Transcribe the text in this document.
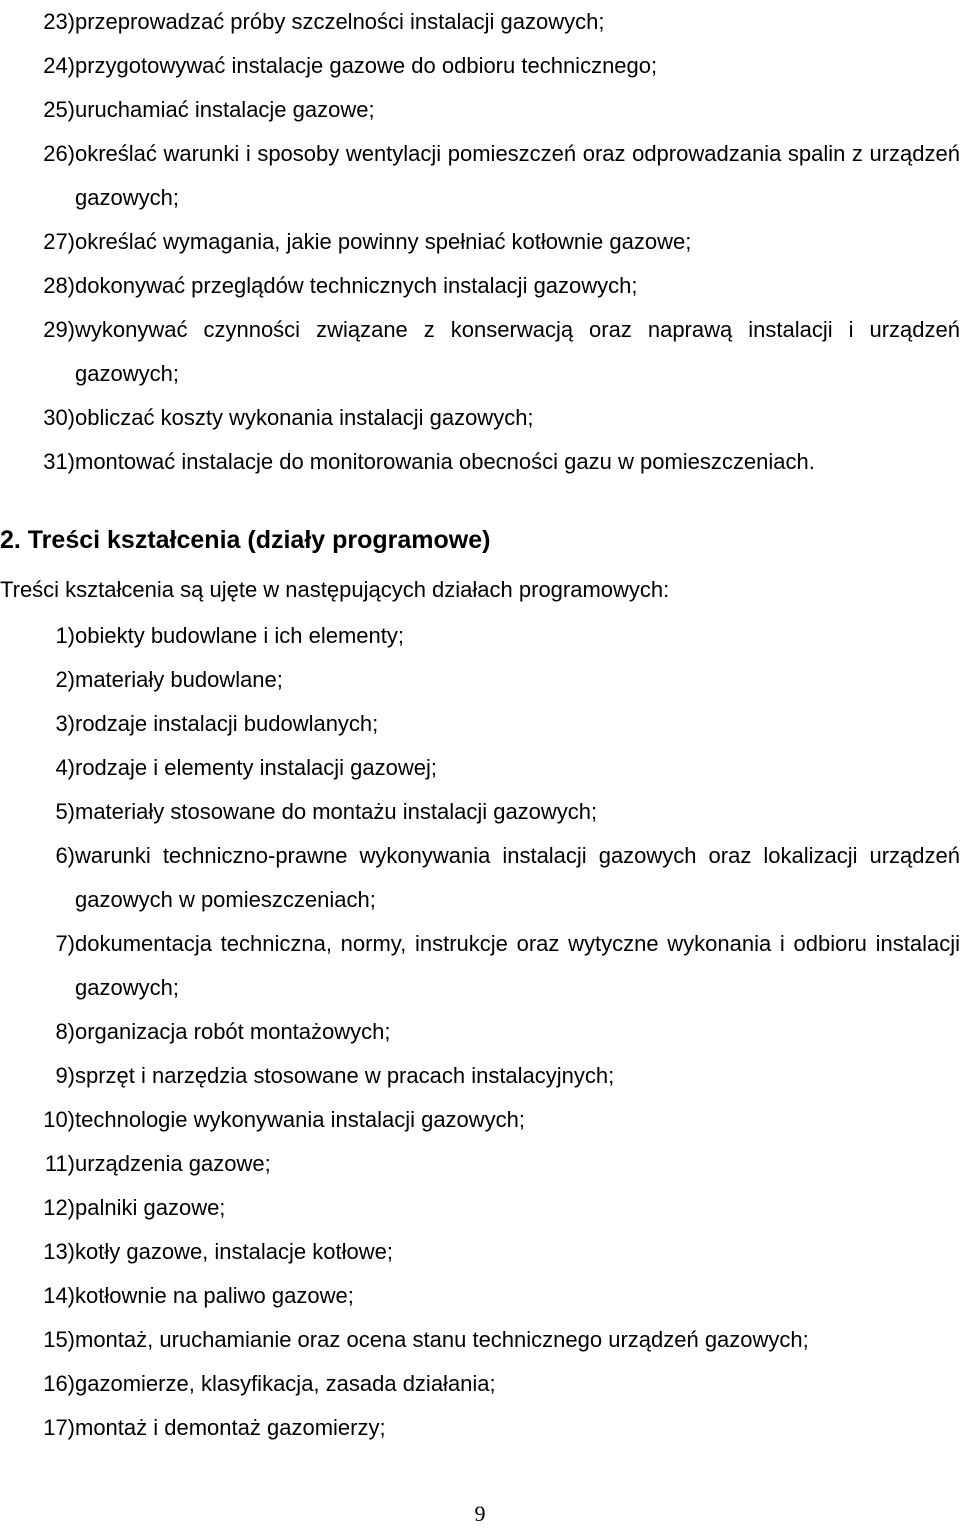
23) przeprowadzać próby szczelności instalacji gazowych;
24) przygotowywać instalacje gazowe do odbioru technicznego;
25) uruchamiać instalacje gazowe;
26) określać warunki i sposoby wentylacji pomieszczeń oraz odprowadzania spalin z urządzeń gazowych;
27) określać wymagania, jakie powinny spełniać kotłownie gazowe;
28) dokonywać przeglądów technicznych instalacji gazowych;
29) wykonywać czynności związane z konserwacją oraz naprawą instalacji i urządzeń gazowych;
30) obliczać koszty wykonania instalacji gazowych;
31) montować instalacje do monitorowania obecności gazu w pomieszczeniach.
2. Treści kształcenia (działy programowe)

Treści kształcenia są ujęte w następujących działach programowych:

1) obiekty budowlane i ich elementy;
2) materiały budowlane;
3) rodzaje instalacji budowlanych;
4) rodzaje i elementy instalacji gazowej;
5) materiały stosowane do montażu instalacji gazowych;
6) warunki techniczno-prawne wykonywania instalacji gazowych oraz lokalizacji urządzeń gazowych w pomieszczeniach;
7) dokumentacja techniczna, normy, instrukcje oraz wytyczne wykonania i odbioru instalacji gazowych;
8) organizacja robót montażowych;
9) sprzęt i narzędzia stosowane w pracach instalacyjnych;
10) technologie wykonywania instalacji gazowych;
11) urządzenia gazowe;
12) palniki gazowe;
13) kotły gazowe, instalacje kotłowe;
14) kotłownie na paliwo gazowe;
15) montaż, uruchamianie oraz ocena stanu technicznego urządzeń gazowych;
16) gazomierze, klasyfikacja, zasada działania;
17) montaż i demontaż gazomierzy;
9
